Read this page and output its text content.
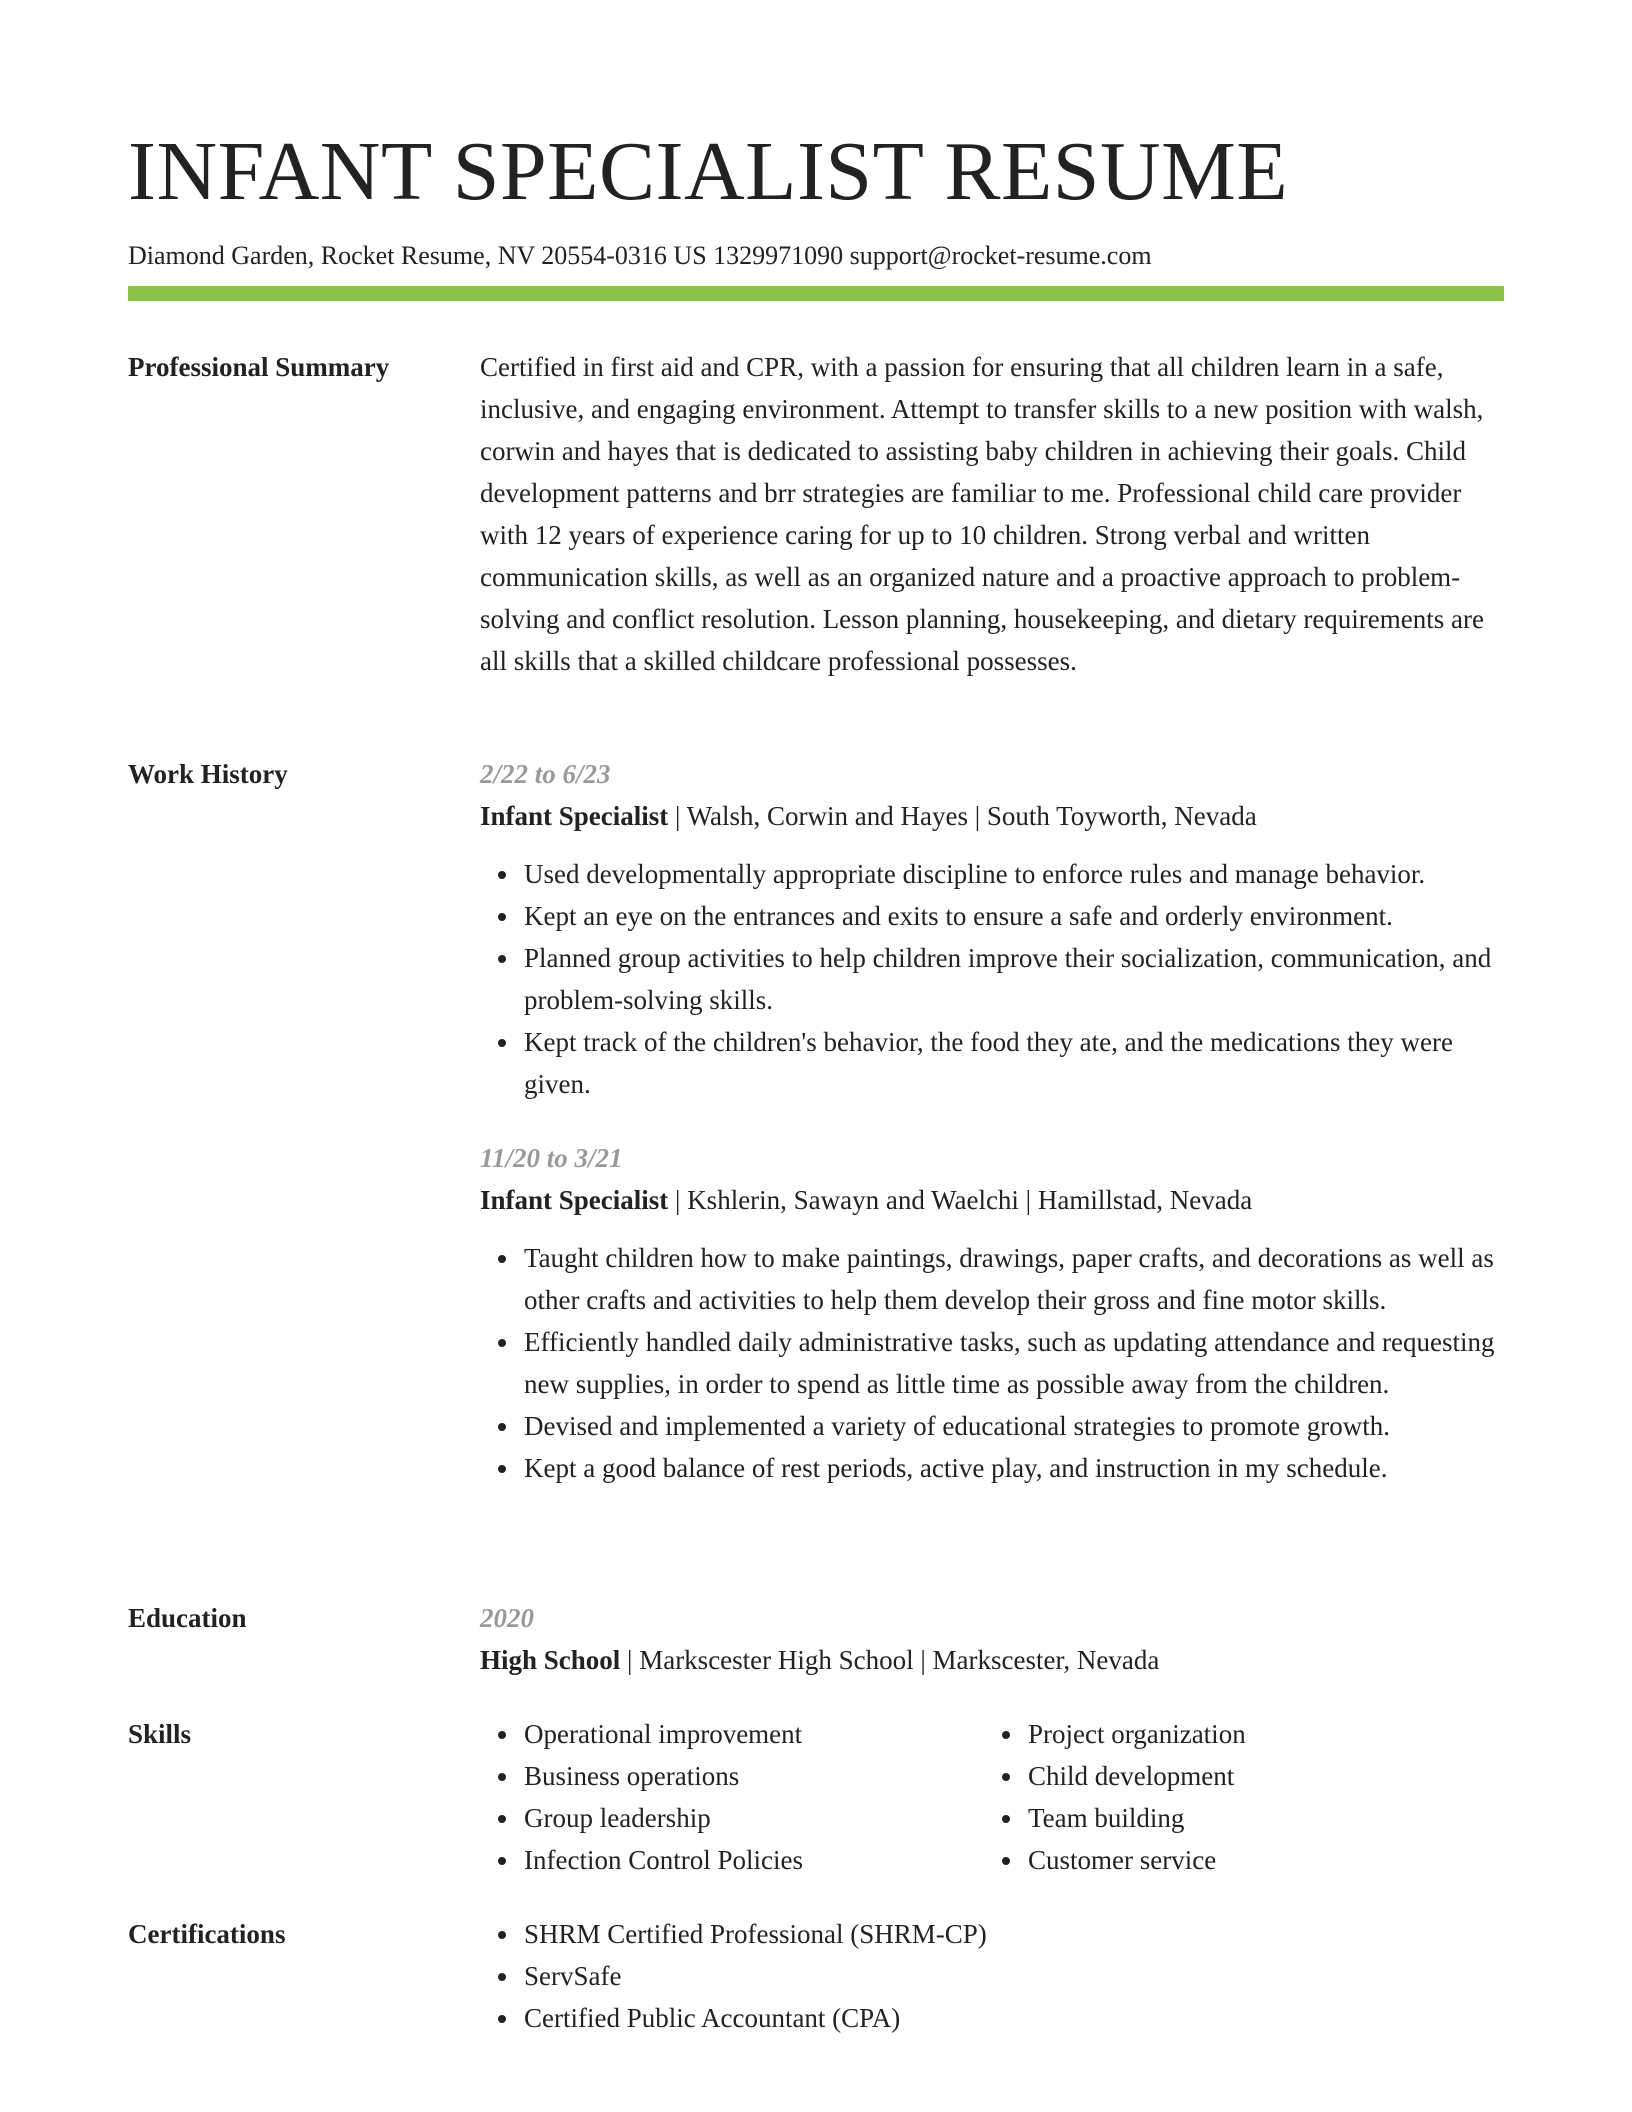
INFANT SPECIALIST RESUME
Diamond Garden, Rocket Resume, NV 20554-0316 US 1329971090 support@rocket-resume.com
Professional Summary	Certified in first aid and CPR, with a passion for ensuring that all children learn in a safe, inclusive, and engaging environment. Attempt to transfer skills to a new position with walsh, corwin and hayes that is dedicated to assisting baby children in achieving their goals. Child development patterns and brr strategies are familiar to me. Professional child care provider with 12 years of experience caring for up to 10 children. Strong verbal and written communication skills, as well as an organized nature and a proactive approach to problem-solving and conflict resolution. Lesson planning, housekeeping, and dietary requirements are all skills that a skilled childcare professional possesses.

Work History	2/22 to 6/23
Infant Specialist | Walsh, Corwin and Hayes | South Toyworth, Nevada
Used developmentally appropriate discipline to enforce rules and manage behavior.
Kept an eye on the entrances and exits to ensure a safe and orderly environment.
Planned group activities to help children improve their socialization, communication, and problem-solving skills.
Kept track of the children's behavior, the food they ate, and the medications they were given.
11/20 to 3/21
Infant Specialist | Kshlerin, Sawayn and Waelchi | Hamillstad, Nevada
Taught children how to make paintings, drawings, paper crafts, and decorations as well as other crafts and activities to help them develop their gross and fine motor skills.
Efficiently handled daily administrative tasks, such as updating attendance and requesting new supplies, in order to spend as little time as possible away from the children.
Devised and implemented a variety of educational strategies to promote growth.
Kept a good balance of rest periods, active play, and instruction in my schedule.
Education	2020
High School | Markscester High School | Markscester, Nevada
Skills	Operational improvement
Business operations
Group leadership
Infection Control Policies
Project organization
Child development
Team building
Customer service
Certifications	SHRM Certified Professional (SHRM-CP)
ServSafe
Certified Public Accountant (CPA)
